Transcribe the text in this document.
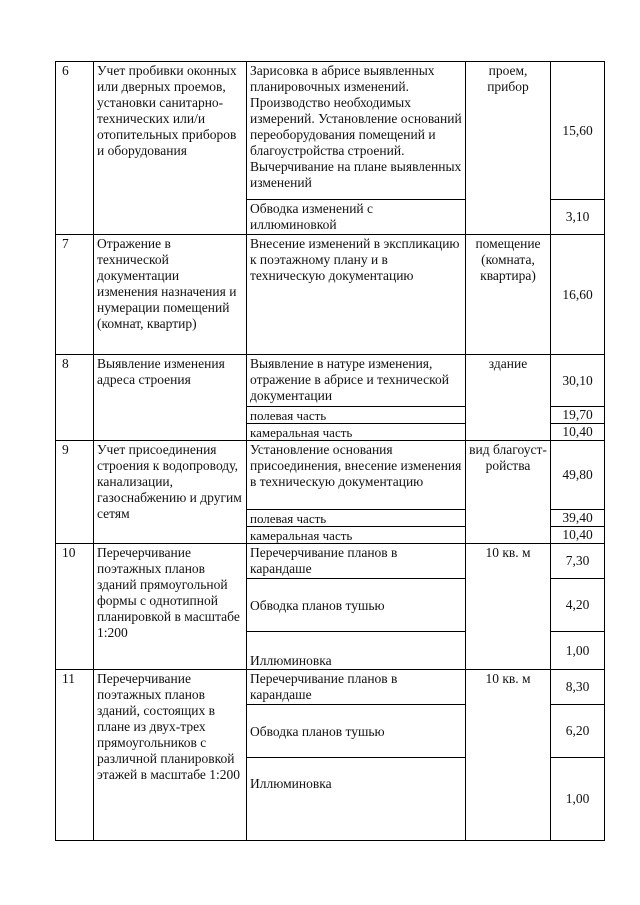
6	Учет пробивки оконных или дверных проемов, установки санитарно-технических или/и отопительных приборов и оборудования	Зарисовка в абрисе выявленных планировочных изменений. Производство необходимых измерений. Установление оснований переоборудования помещений и благоустройства строений. Вычерчивание на плане выявленных изменений	проем, прибор	15,60
		Обводка изменений с иллюминовкой		3,10
7	Отражение в технической документации изменения назначения и нумерации помещений (комнат, квартир)	Внесение изменений в экспликацию к поэтажному плану и в техническую документацию	помещение (комната, квартира)	16,60
8	Выявление изменения адреса строения	Выявление в натуре изменения, отражение в абрисе и технической документации	здание	30,10
		полевая часть		19,70
		камеральная часть		10,40
9	Учет присоединения строения к водопроводу, канализации, газоснабжению и другим сетям	Установление основания присоединения, внесение изменения в техническую документацию	вид благоуст-ройства	49,80
		полевая часть		39,40
		камеральная часть		10,40
10	Перечерчивание поэтажных планов зданий прямоугольной формы с однотипной планировкой в масштабе 1:200	Перечерчивание планов в карандаше	10 кв. м	7,30
		Обводка планов тушью		4,20
		Иллюминовка		1,00
11	Перечерчивание поэтажных планов зданий, состоящих в плане из двух-трех прямоугольников с различной планировкой этажей в масштабе 1:200	Перечерчивание планов в карандаше	10 кв. м	8,30
		Обводка планов тушью		6,20
		Иллюминовка		1,00
